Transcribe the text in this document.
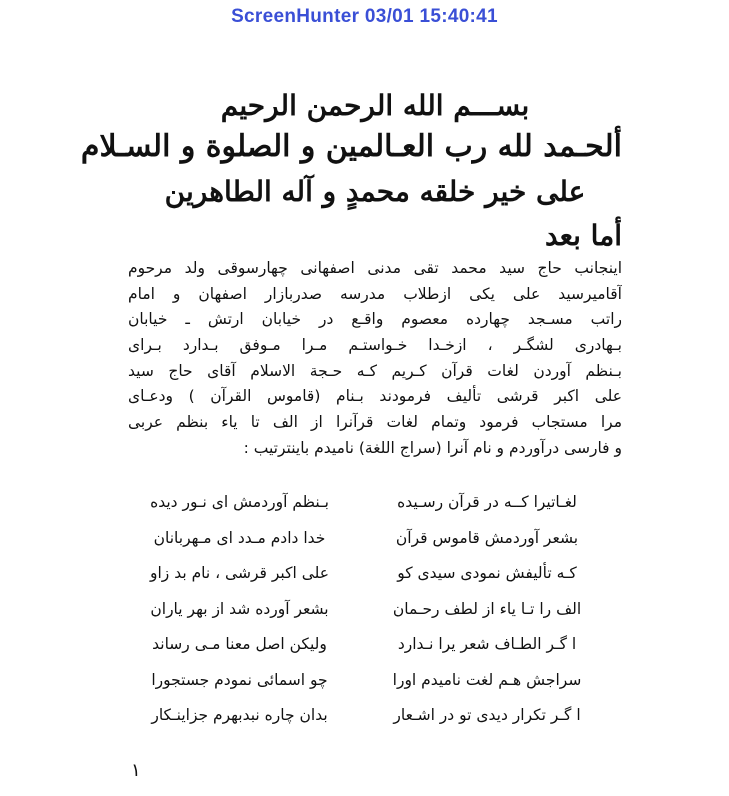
ScreenHunter 03/01 15:40:41
بســـم الله الرحمن الرحيم
ألحـمد لله رب العـالمين و الصلوة و السـلام
على خير خلقه محمدٍ و آله الطاهرين
أما بعد
اينجانب حاج سيد محمد تقى مدنى اصفهانى چهارسوقى ولد مرحوم
آقاميرسيد على يكى ازطلاب مدرسه صدربازار اصفهان و امام
راتب مسـجد چهارده معصوم واقـع در خيابان ارتش ـ خيابان
بـهادرى لشگـر ، ازخـدا خـواستـم مـرا مـوفق بـدارد بـراى
بـنظم آوردن لغات قرآن كـريم كـه حـجة الاسلام آقاى حاج سيد
على اكبر قرشى تأليف فرمودند بـنام (قاموس القرآن ) ودعـاى
مرا مستجاب فرمود وتمام لغات قرآنرا از الف تا ياء بنظم عربى
و فارسى درآوردم و نام آنرا (سراج اللغة) ناميدم باينترتيب :
لغـاتيرا كــه در قرآن رسـيده
بـنظم آوردمش اى نـور ديده
بشعر آوردمش قاموس قرآن
خدا دادم مـدد اى مـهربانان
كـه تأليفش نمودى سيدى كو
على اكبر قرشى ، نام بد زاو
الف را تـا ياء از لطف رحـمان
بشعر آورده شد از بهر ياران
ا گـر الطـاف شعر يرا نـدارد
وليكن اصل معنا مـى رساند
سراجش هـم لغت ناميدم اورا
چو اسمائى نمودم جستجورا
ا گـر تكرار ديدى تو در اشـعار
بدان چاره نبدبهرم جزاينـكار
١
